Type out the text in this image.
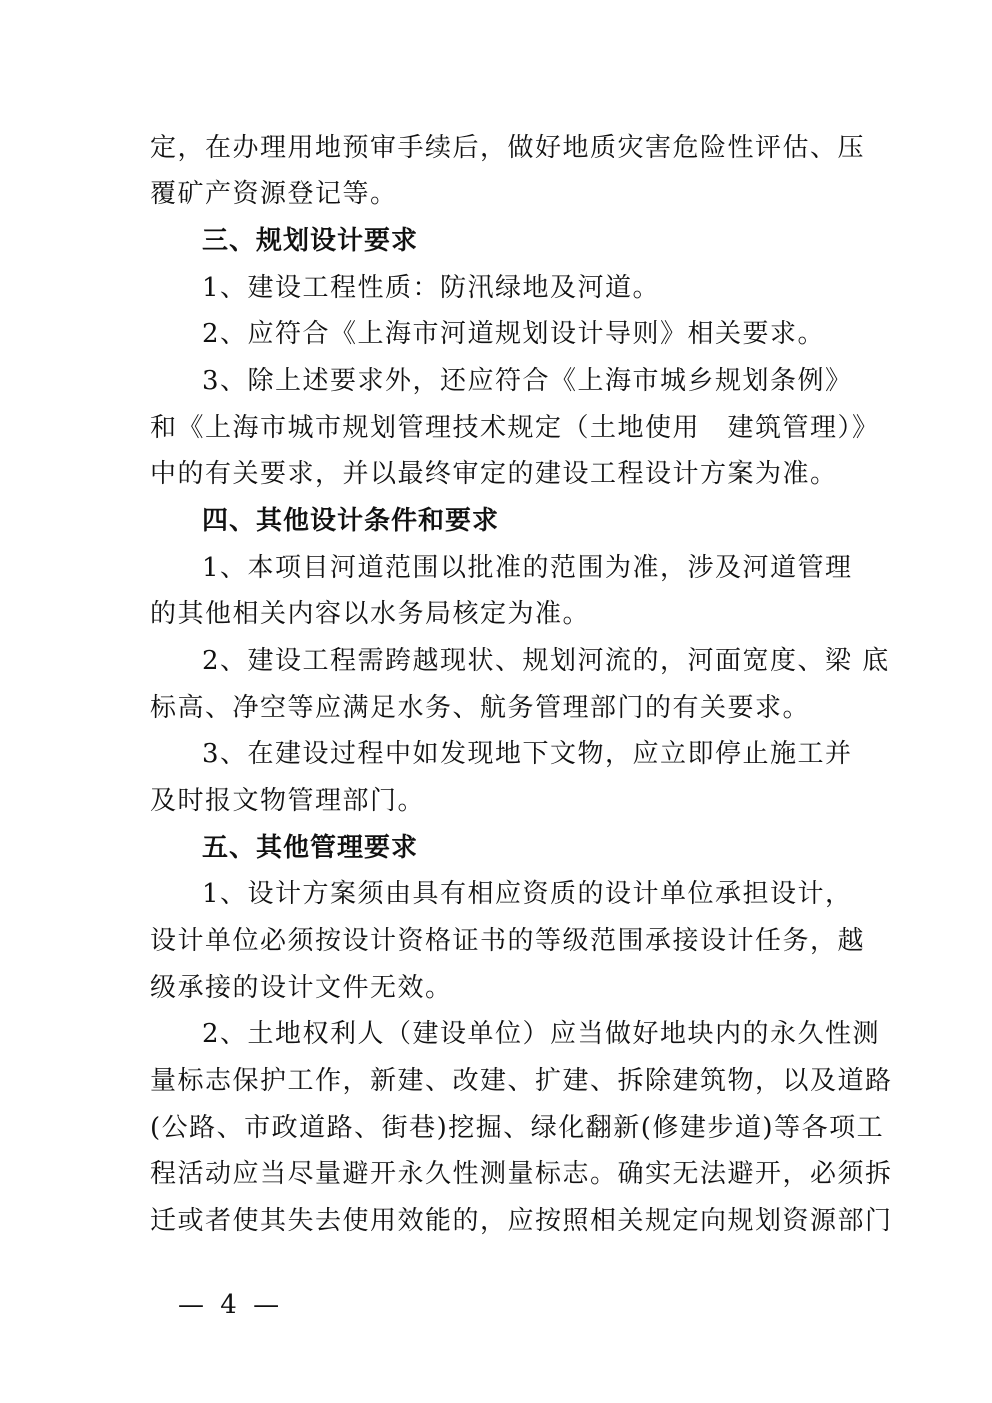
定，在办理用地预审手续后，做好地质灾害危险性评估、压
覆矿产资源登记等。
三、规划设计要求
1、建设工程性质：防汛绿地及河道。
2、应符合《上海市河道规划设计导则》相关要求。
3、除上述要求外，还应符合《上海市城乡规划条例》
和《上海市城市规划管理技术规定（土地使用　建筑管理）》
中的有关要求，并以最终审定的建设工程设计方案为准。
四、其他设计条件和要求
1、本项目河道范围以批准的范围为准，涉及河道管理
的其他相关内容以水务局核定为准。
2、建设工程需跨越现状、规划河流的，河面宽度、梁 底
标高、净空等应满足水务、航务管理部门的有关要求。
3、在建设过程中如发现地下文物，应立即停止施工并
及时报文物管理部门。
五、其他管理要求
1、设计方案须由具有相应资质的设计单位承担设计，
设计单位必须按设计资格证书的等级范围承接设计任务，越
级承接的设计文件无效。
2、土地权利人（建设单位）应当做好地块内的永久性测
量标志保护工作，新建、改建、扩建、拆除建筑物，以及道路
(公路、市政道路、街巷)挖掘、绿化翻新(修建步道)等各项工
程活动应当尽量避开永久性测量标志。确实无法避开，必须拆
迁或者使其失去使用效能的，应按照相关规定向规划资源部门
— 4 —
